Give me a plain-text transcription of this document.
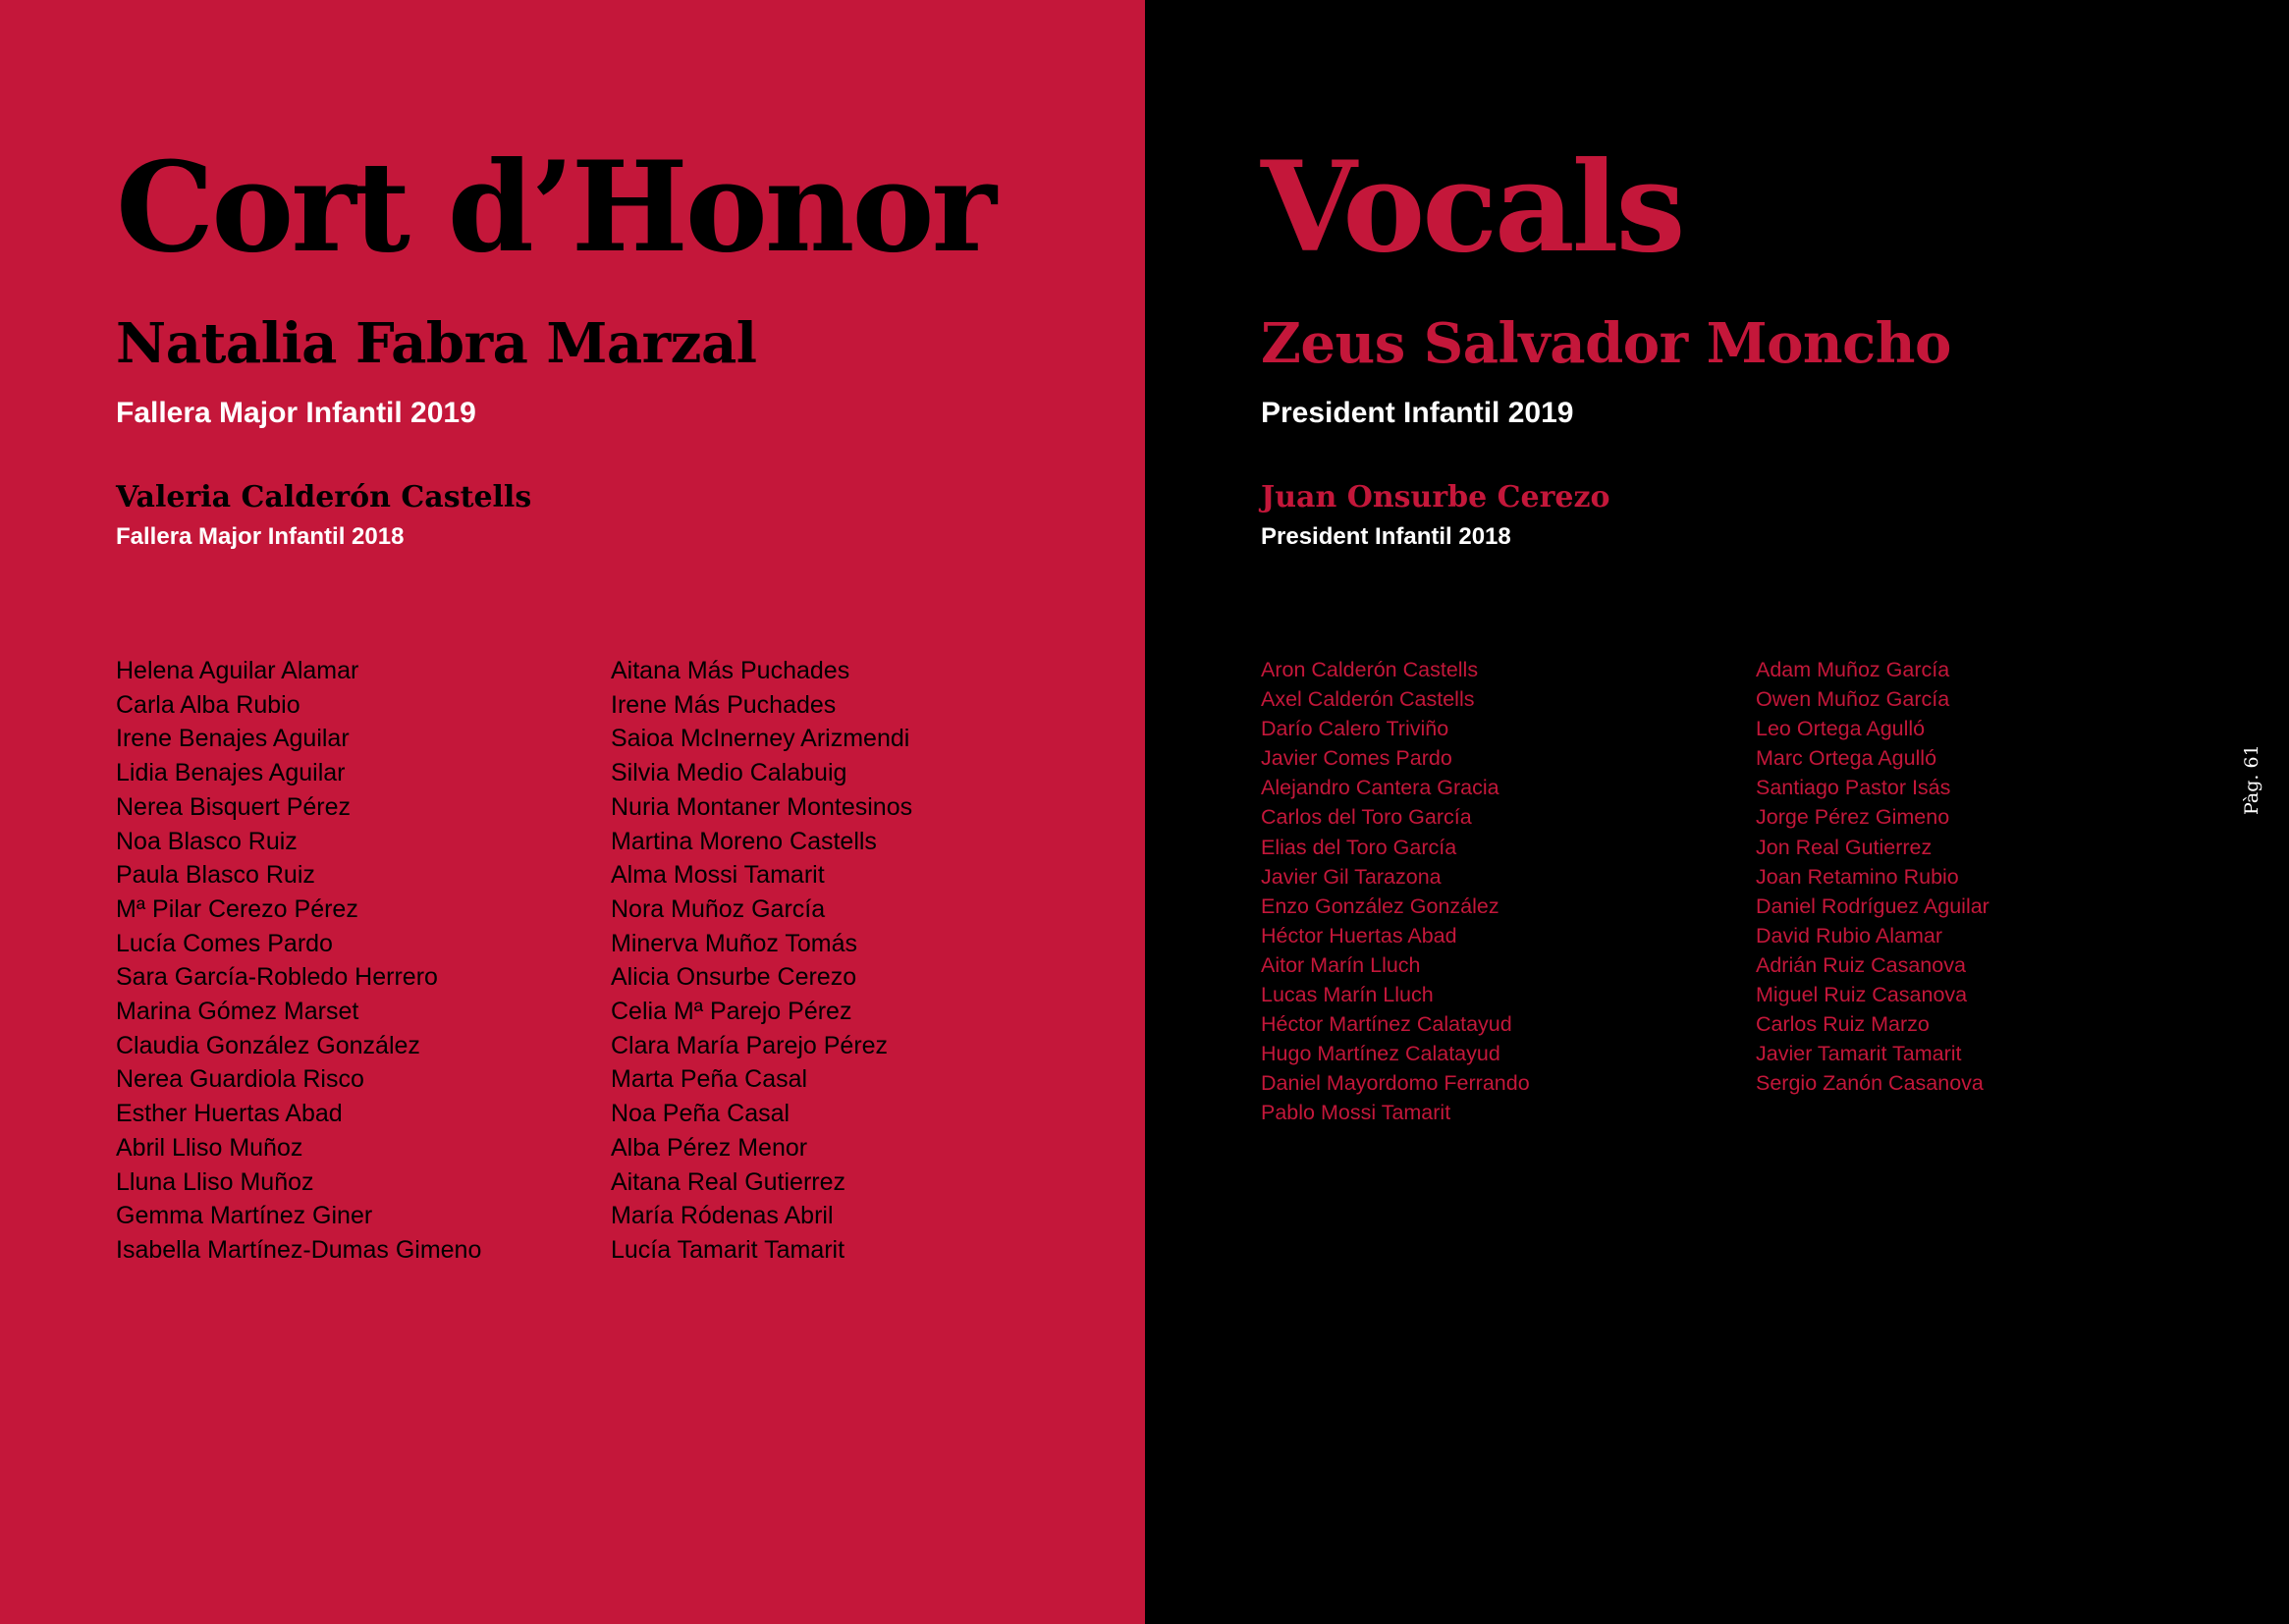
Cort d’Honor
Natalia Fabra Marzal

Fallera Major Infantil 2019

Valeria Calderón Castells

Fallera Major Infantil 2018

Helena Aguilar Alamar
Carla Alba Rubio
Irene Benajes Aguilar
Lidia Benajes Aguilar
Nerea Bisquert Pérez
Noa Blasco Ruiz
Paula Blasco Ruiz
Mª Pilar Cerezo Pérez
Lucía Comes Pardo
Sara García-Robledo Herrero
Marina Gómez Marset
Claudia González González
Nerea Guardiola Risco
Esther Huertas Abad
Abril Lliso Muñoz
Lluna Lliso Muñoz
Gemma Martínez Giner
Isabella Martínez-Dumas Gimeno
Aitana Más Puchades
Irene Más Puchades
Saioa McInerney Arizmendi
Silvia Medio Calabuig
Nuria Montaner Montesinos
Martina Moreno Castells
Alma Mossi Tamarit
Nora Muñoz García
Minerva Muñoz Tomás
Alicia Onsurbe Cerezo
Celia Mª Parejo Pérez
Clara María Parejo Pérez
Marta Peña Casal
Noa Peña Casal
Alba Pérez Menor
Aitana Real Gutierrez
María Ródenas Abril
Lucía Tamarit Tamarit
Vocals
Zeus Salvador Moncho

President Infantil 2019

Juan Onsurbe Cerezo

President Infantil 2018

Aron Calderón Castells
Axel Calderón Castells
Darío Calero Triviño
Javier Comes Pardo
Alejandro Cantera Gracia
Carlos del Toro García
Elias del Toro García
Javier Gil Tarazona
Enzo González González
Héctor Huertas Abad
Aitor Marín Lluch
Lucas Marín Lluch
Héctor Martínez Calatayud
Hugo Martínez Calatayud
Daniel Mayordomo Ferrando
Pablo Mossi Tamarit
Adam Muñoz García
Owen Muñoz García
Leo Ortega Agulló
Marc Ortega Agulló
Santiago Pastor Isás
Jorge Pérez Gimeno
Jon Real Gutierrez
Joan Retamino Rubio
Daniel Rodríguez Aguilar
David Rubio Alamar
Adrián Ruiz Casanova
Miguel Ruiz Casanova
Carlos Ruiz Marzo
Javier Tamarit Tamarit
Sergio Zanón Casanova

Pàg. 61
